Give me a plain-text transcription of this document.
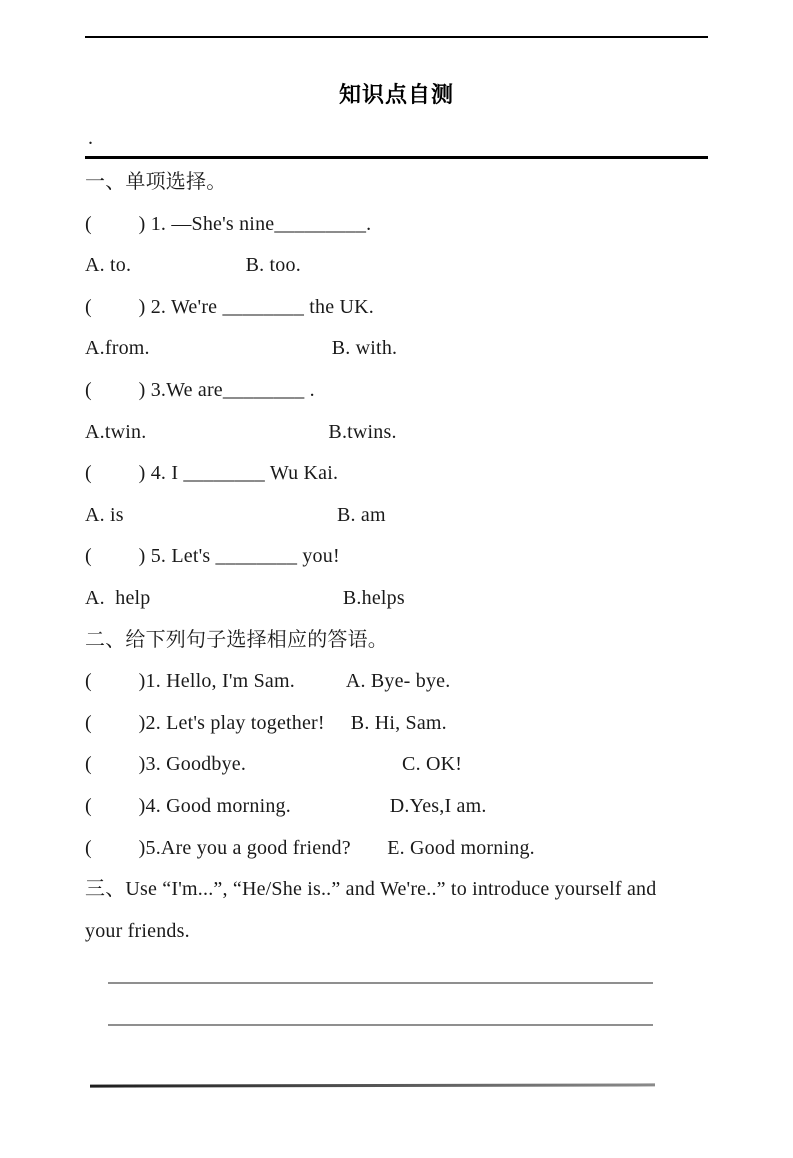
知识点自测
.

一、单项选择。

(         ) 1. —She's nine_________.

A. to.                      B. too.

(         ) 2. We're ________ the UK.

A.from.                                   B. with.

(         ) 3.We are________ .

A.twin.                                   B.twins.

(         ) 4. I ________ Wu Kai.

A. is                                         B. am

(         ) 5. Let's ________ you!

A.  help                                     B.helps

二、给下列句子选择相应的答语。

(         )1. Hello, I'm Sam.          A. Bye- bye.

(         )2. Let's play together!     B. Hi, Sam.

(         )3. Goodbye.                              C. OK!

(         )4. Good morning.                   D.Yes,I am.

(         )5.Are you a good friend?       E. Good morning.

三、Use “I'm...”, “He/She is..” and We're..” to introduce yourself and

your friends.
